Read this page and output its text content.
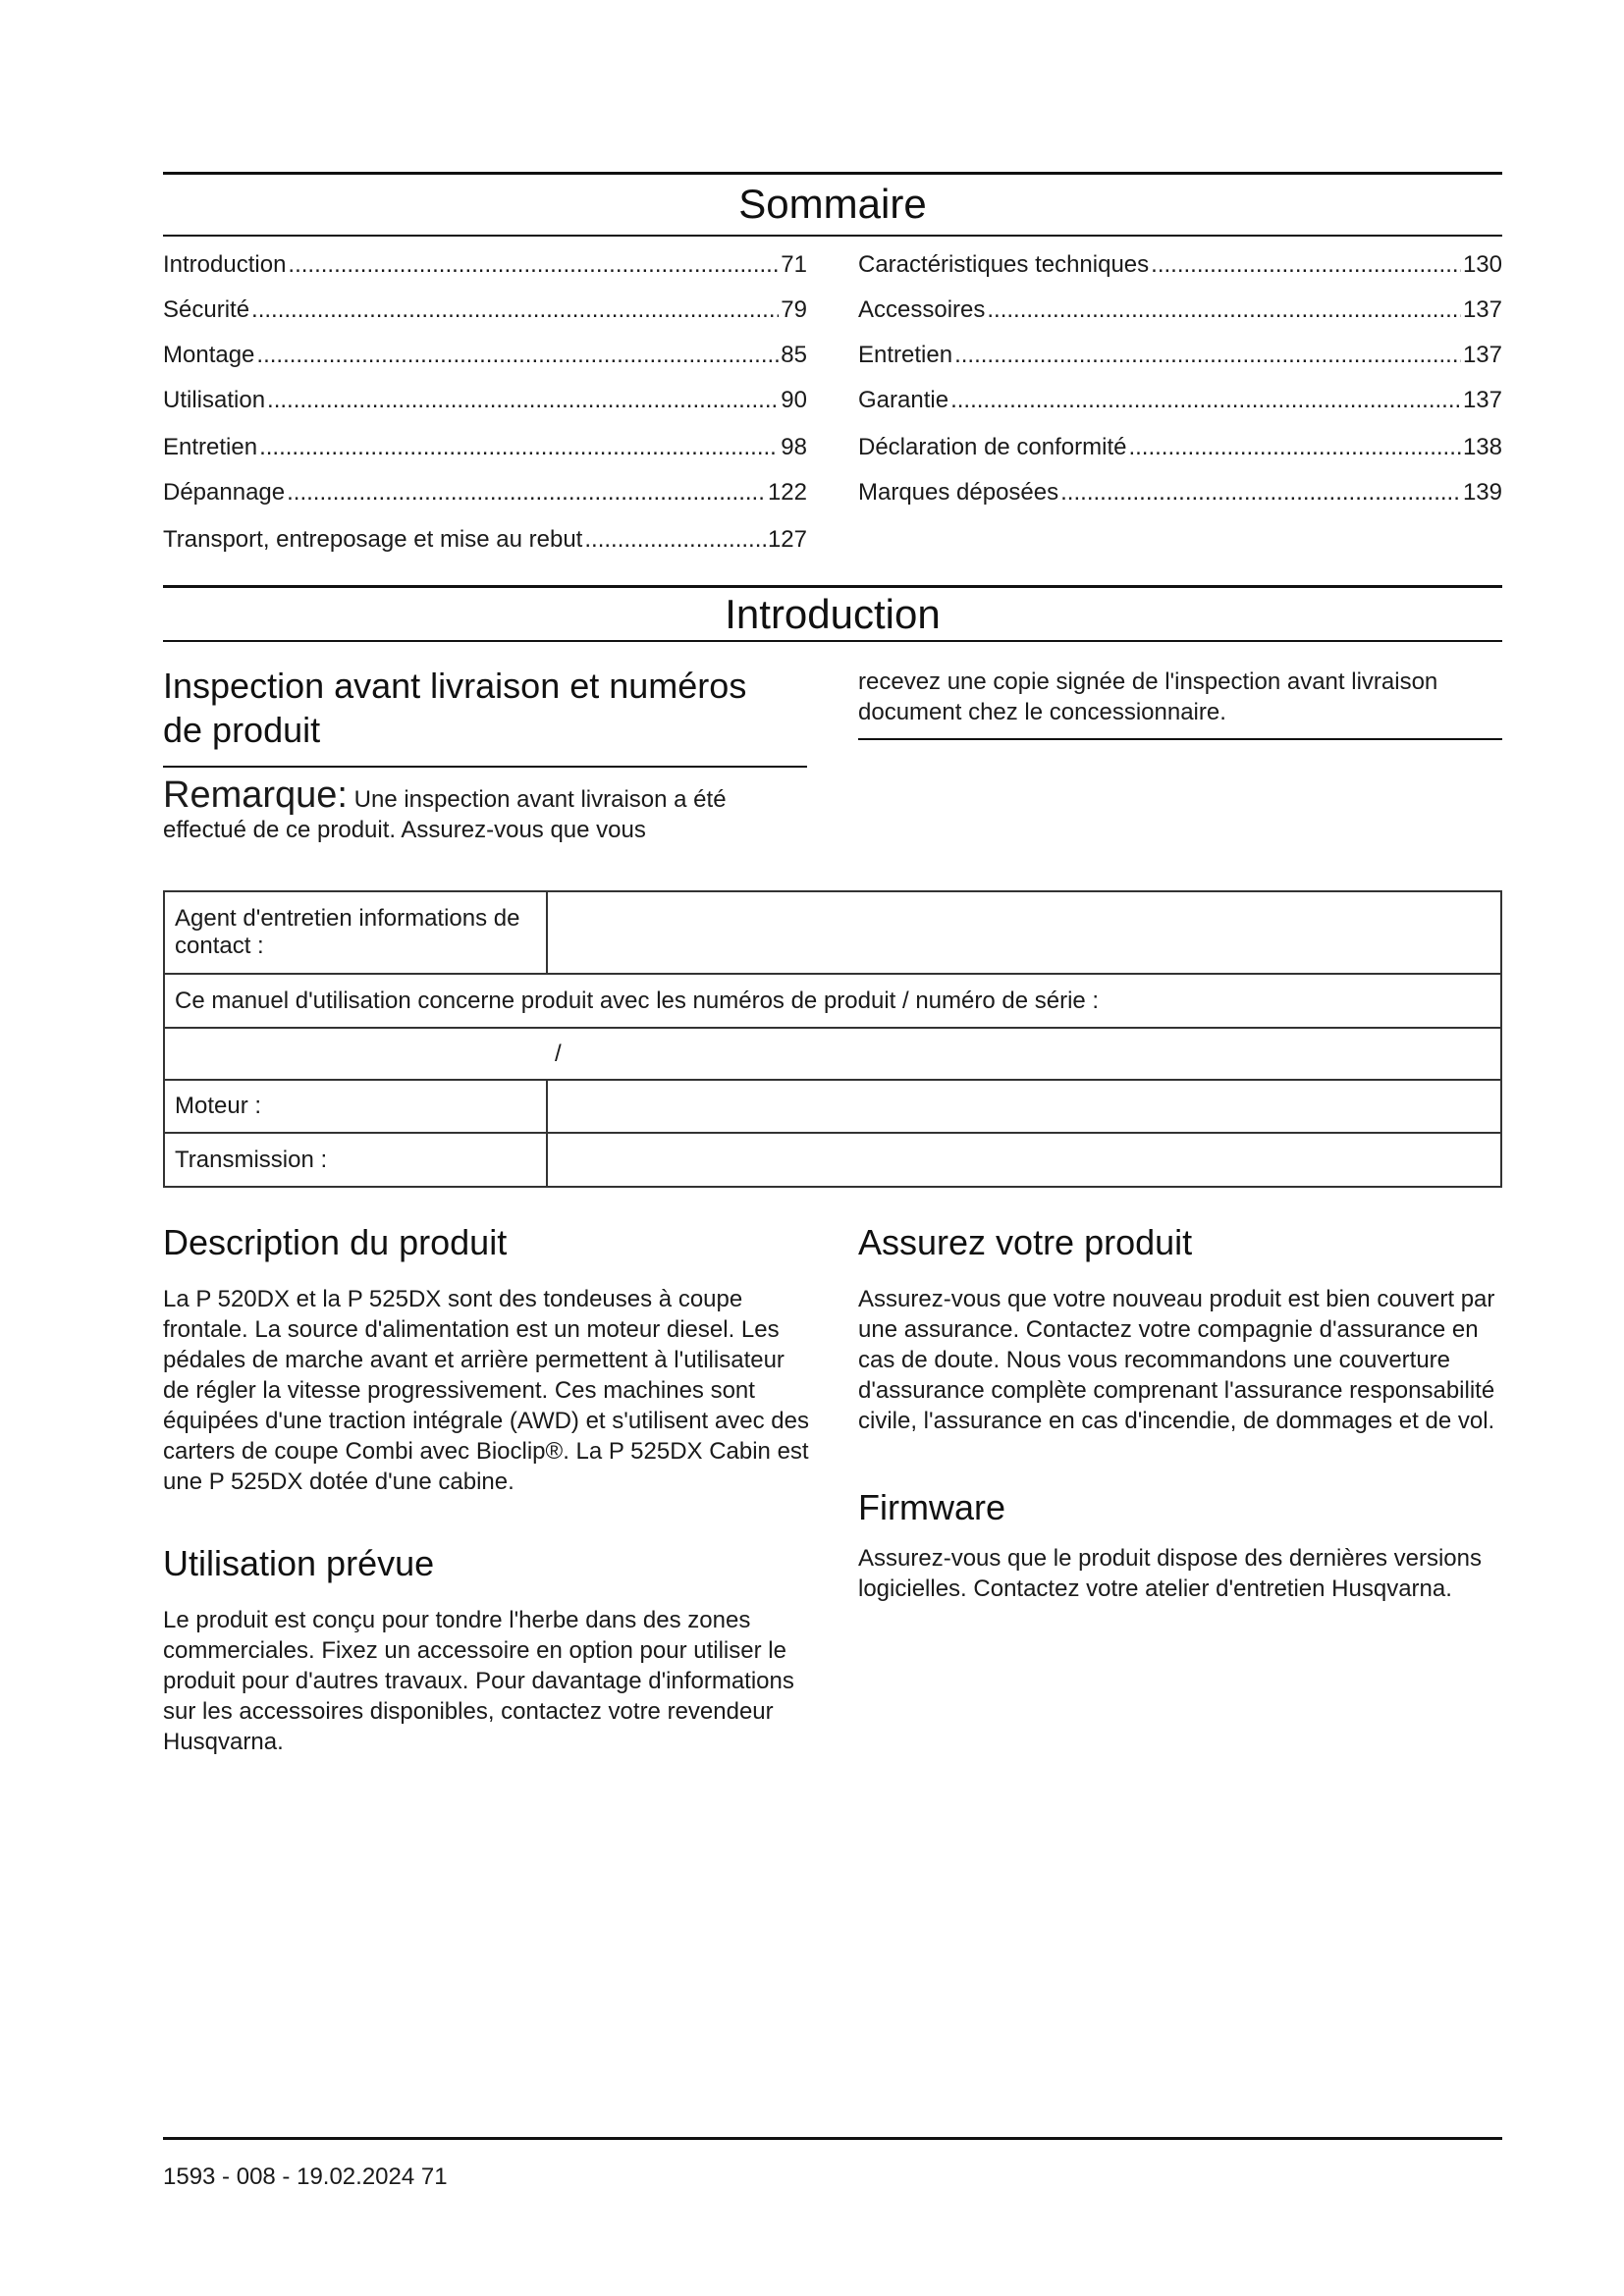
Sommaire
Introduction .....	71
Sécurité .....	79
Montage .....	85
Utilisation .....	90
Entretien .....	98
Dépannage .....	122
Transport, entreposage et mise au rebut .....	127
Caractéristiques techniques .....	130
Accessoires .....	137
Entretien .....	137
Garantie .....	137
Déclaration de conformité .....	138
Marques déposées .....	139
Introduction
Inspection avant livraison et numéros de produit
Remarque: Une inspection avant livraison a été effectué de ce produit. Assurez-vous que vous
recevez une copie signée de l'inspection avant livraison document chez le concessionnaire.
Agent d'entretien informations de contact :	
Ce manuel d'utilisation concerne produit avec les numéros de produit / numéro de série :	
/	
Moteur :	
Transmission :	
Description du produit
La P 520DX et la P 525DX sont des tondeuses à coupe frontale. La source d'alimentation est un moteur diesel. Les pédales de marche avant et arrière permettent à l'utilisateur de régler la vitesse progressivement. Ces machines sont équipées d'une traction intégrale (AWD) et s'utilisent avec des carters de coupe Combi avec Bioclip®. La P 525DX Cabin est une P 525DX dotée d'une cabine.
Utilisation prévue
Le produit est conçu pour tondre l'herbe dans des zones commerciales. Fixez un accessoire en option pour utiliser le produit pour d'autres travaux. Pour davantage d'informations sur les accessoires disponibles, contactez votre revendeur Husqvarna.
Assurez votre produit
Assurez-vous que votre nouveau produit est bien couvert par une assurance. Contactez votre compagnie d'assurance en cas de doute. Nous vous recommandons une couverture d'assurance complète comprenant l'assurance responsabilité civile, l'assurance en cas d'incendie, de dommages et de vol.
Firmware
Assurez-vous que le produit dispose des dernières versions logicielles. Contactez votre atelier d'entretien Husqvarna.
1593 - 008 - 19.02.2024 71
